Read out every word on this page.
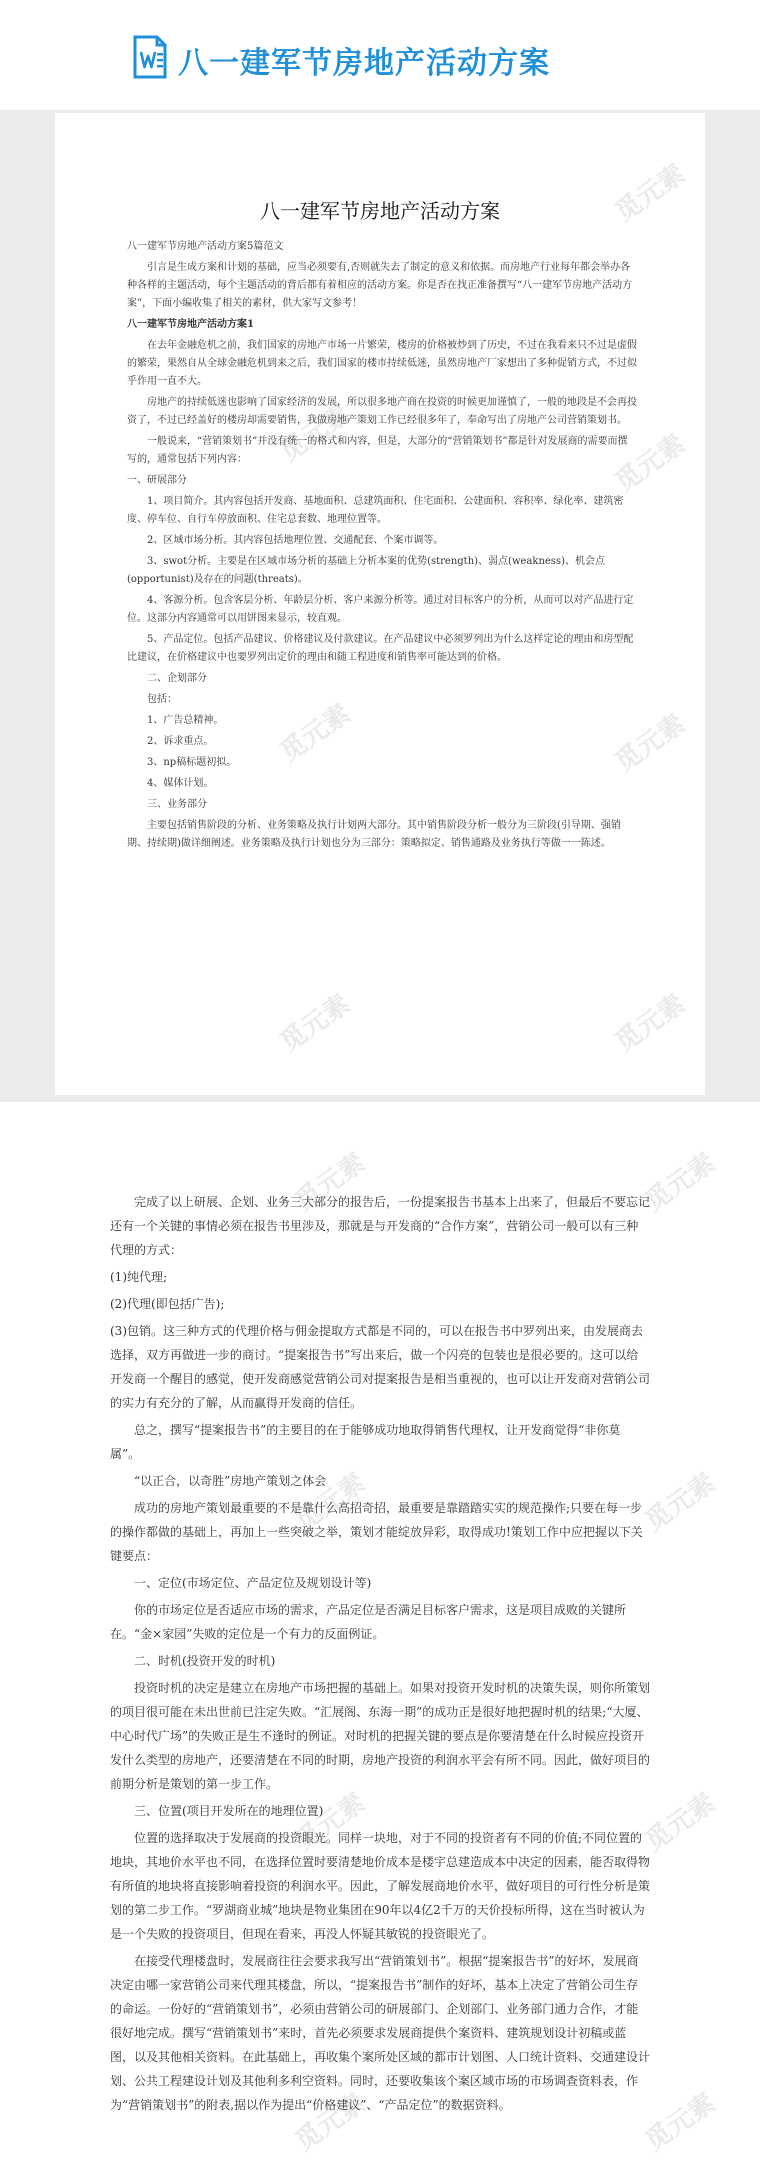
八一建军节房地产活动方案
觅元素
觅元素	觅元素
觅元素	觅元素
觅元素	觅元素
八一建军节房地产活动方案

八一建军节房地产活动方案5篇范文

引言是生成方案和计划的基础，应当必须要有,否则就失去了制定的意义和依据。而房地产行业每年都会举办各种各样的主题活动，每个主题活动的背后都有着相应的活动方案。你是否在找正准备撰写“八一建军节房地产活动方案”，下面小编收集了相关的素材，供大家写文参考！

八一建军节房地产活动方案1

在去年金融危机之前，我们国家的房地产市场一片繁荣，楼房的价格被炒到了历史，不过在我看来只不过是虚假的繁荣，果然自从全球金融危机到来之后，我们国家的楼市持续低迷，虽然房地产厂家想出了多种促销方式，不过似乎作用一直不大。

房地产的持续低迷也影响了国家经济的发展，所以很多地产商在投资的时候更加谨慎了，一般的地段是不会再投资了，不过已经盖好的楼房却需要销售，我做房地产策划工作已经很多年了，奉命写出了房地产公司营销策划书。

一般说来，“营销策划书”并没有统一的格式和内容，但是，大部分的“营销策划书”都是针对发展商的需要而撰写的，通常包括下列内容：

一、研展部分

1、项目简介。其内容包括开发商、基地面积、总建筑面积、住宅面积、公建面积、容积率、绿化率、建筑密度、停车位、自行车停放面积、住宅总套数、地理位置等。

2、区域市场分析。其内容包括地理位置、交通配套、个案市调等。

3、swot分析。主要是在区域市场分析的基础上分析本案的优势(strength)、弱点(weakness)、机会点(opportunist)及存在的问题(threats)。

4、客源分析。包含客层分析、年龄层分析、客户来源分析等。通过对目标客户的分析，从而可以对产品进行定位。这部分内容通常可以用饼图来显示，较直观。

5、产品定位。包括产品建议、价格建议及付款建议。在产品建议中必须罗列出为什么这样定论的理由和房型配比建议，在价格建议中也要罗列出定价的理由和随工程进度和销售率可能达到的价格。

二、企划部分

包括：

1、广告总精神。

2、诉求重点。

3、np稿标题初拟。

4、媒体计划。

三、业务部分

主要包括销售阶段的分析、业务策略及执行计划两大部分。其中销售阶段分析一般分为三阶段(引导期、强销期、持续期)做详细阐述。业务策略及执行计划也分为三部分：策略拟定、销售通路及业务执行等做一一陈述。

觅元素	觅元素
觅元素	觅元素
觅元素	觅元素
觅元素	觅元素

完成了以上研展、企划、业务三大部分的报告后，一份提案报告书基本上出来了，但最后不要忘记还有一个关键的事情必须在报告书里涉及，那就是与开发商的“合作方案”，营销公司一般可以有三种代理的方式：

(1)纯代理;

(2)代理(即包括广告);

(3)包销。这三种方式的代理价格与佣金提取方式都是不同的，可以在报告书中罗列出来，由发展商去选择，双方再做进一步的商讨。“提案报告书”写出来后，做一个闪亮的包装也是很必要的。这可以给开发商一个醒目的感觉，使开发商感觉营销公司对提案报告是相当重视的，也可以让开发商对营销公司的实力有充分的了解，从而赢得开发商的信任。

总之，撰写“提案报告书”的主要目的在于能够成功地取得销售代理权，让开发商觉得“非你莫属”。

“以正合，以奇胜”房地产策划之体会

成功的房地产策划最重要的不是靠什么高招奇招，最重要是靠踏踏实实的规范操作;只要在每一步的操作都做的基础上，再加上一些突破之举，策划才能绽放异彩，取得成功!策划工作中应把握以下关键要点：

一、定位(市场定位、产品定位及规划设计等)

你的市场定位是否适应市场的需求，产品定位是否满足目标客户需求，这是项目成败的关键所在。“金×家园”失败的定位是一个有力的反面例证。

二、时机(投资开发的时机)

投资时机的决定是建立在房地产市场把握的基础上。如果对投资开发时机的决策失误，则你所策划的项目很可能在未出世前已注定失败。“汇展阁、东海一期”的成功正是很好地把握时机的结果;“大厦、中心时代广场”的失败正是生不逢时的例证。对时机的把握关键的要点是你要清楚在什么时候应投资开发什么类型的房地产，还要清楚在不同的时期，房地产投资的利润水平会有所不同。因此，做好项目的前期分析是策划的第一步工作。

三、位置(项目开发所在的地理位置)

位置的选择取决于发展商的投资眼光。同样一块地，对于不同的投资者有不同的价值;不同位置的地块，其地价水平也不同，在选择位置时要清楚地价成本是楼宇总建造成本中决定的因素，能否取得物有所值的地块将直接影响着投资的利润水平。因此，了解发展商地价水平，做好项目的可行性分析是策划的第二步工作。“罗湖商业城”地块是物业集团在90年以4亿2千万的天价投标所得，这在当时被认为是一个失败的投资项目，但现在看来，再没人怀疑其敏锐的投资眼光了。

在接受代理楼盘时，发展商往往会要求我写出“营销策划书”。根据“提案报告书”的好坏，发展商决定由哪一家营销公司来代理其楼盘，所以，“提案报告书”制作的好坏，基本上决定了营销公司生存的命运。一份好的“营销策划书”，必须由营销公司的研展部门、企划部门、业务部门通力合作，才能很好地完成。撰写“营销策划书”来时，首先必须要求发展商提供个案资料、建筑规划设计初稿或蓝图，以及其他相关资料。在此基础上，再收集个案所处区域的都市计划图、人口统计资料、交通建设计划、公共工程建设计划及其他利多利空资料。同时，还要收集该个案区域市场的市场调查资料表，作为“营销策划书”的附表,据以作为提出“价格建议”、“产品定位”的数据资料。
